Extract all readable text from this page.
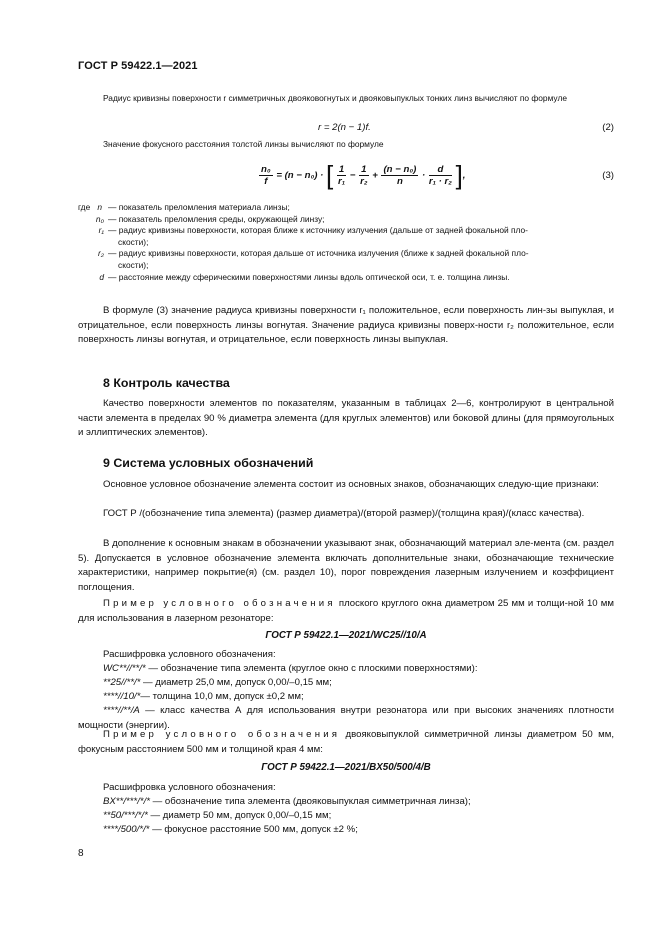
ГОСТ Р 59422.1—2021

Радиус кривизны поверхности r симметричных двояковогнутых и двояковыпуклых тонких линз вычисляют по формуле

r = 2(n − 1)f.	(2)

Значение фокусного расстояния толстой линзы вычисляют по формуле

$\frac{\text{n₀}}{f} = (n - n_0)$ · [ $\frac{1}{\text{r₁}} - \frac{1}{\text{r₂}} + \frac{\text{(n − n₀)}}{n} \cdot \frac{d}{\text{r₁ · r₂}}$ ],	(3)
где n — показатель преломления материала линзы;
n₀ — показатель преломления среды, окружающей линзу;
r₁ — радиус кривизны поверхности, которая ближе к источнику излучения (дальше от задней фокальной пло-
скости);
r₂ — радиус кривизны поверхности, которая дальше от источника излучения (ближе к задней фокальной пло-
скости);
d — расстояние между сферическими поверхностями линзы вдоль оптической оси, т. е. толщина линзы.

В формуле (3) значение радиуса кривизны поверхности r₁ положительное, если поверхность лин-зы выпуклая, и отрицательное, если поверхность линзы вогнутая. Значение радиуса кривизны поверх-ности r₂ положительное, если поверхность линзы вогнутая, и отрицательное, если поверхность линзы выпуклая.

8 Контроль качества

Качество поверхности элементов по показателям, указанным в таблицах 2—6, контролируют в центральной части элемента в пределах 90 % диаметра элемента (для круглых элементов) или боковой длины (для прямоугольных и эллиптических элементов).

9 Система условных обозначений

Основное условное обозначение элемента состоит из основных знаков, обозначающих следую-щие признаки:

ГОСТ Р /(обозначение типа элемента) (размер диаметра)/(второй размер)/(толщина края)/(класс качества).

В дополнение к основным знакам в обозначении указывают знак, обозначающий материал эле-мента (см. раздел 5). Допускается в условное обозначение элемента включать дополнительные знаки, обозначающие технические характеристики, например покрытие(я) (см. раздел 10), порог повреждения лазерным излучением и коэффициент поглощения.

Пример условного обозначения плоского круглого окна диаметром 25 мм и толщи-ной 10 мм для использования в лазерном резонаторе:

ГОСТ Р 59422.1—2021/WC25//10/A

Расшифровка условного обозначения:

WC**//**/* — обозначение типа элемента (круглое окно с плоскими поверхностями):

**25//**/* — диаметр 25,0 мм, допуск 0,00/–0,15 мм;

****//10/*— толщина 10,0 мм, допуск ±0,2 мм;

****//**/A — класс качества А для использования внутри резонатора или при высоких значениях плотности мощности (энергии).

Пример условного обозначения двояковыпуклой симметричной линзы диаметром 50 мм, фокусным расстоянием 500 мм и толщиной края 4 мм:

ГОСТ Р 59422.1—2021/BX50/500/4/B

Расшифровка условного обозначения:

BX**/***/*/* — обозначение типа элемента (двояковыпуклая симметричная линза);

**50/***/*/* — диаметр 50 мм, допуск 0,00/–0,15 мм;

****/500/*/* — фокусное расстояние 500 мм, допуск ±2 %;

8
